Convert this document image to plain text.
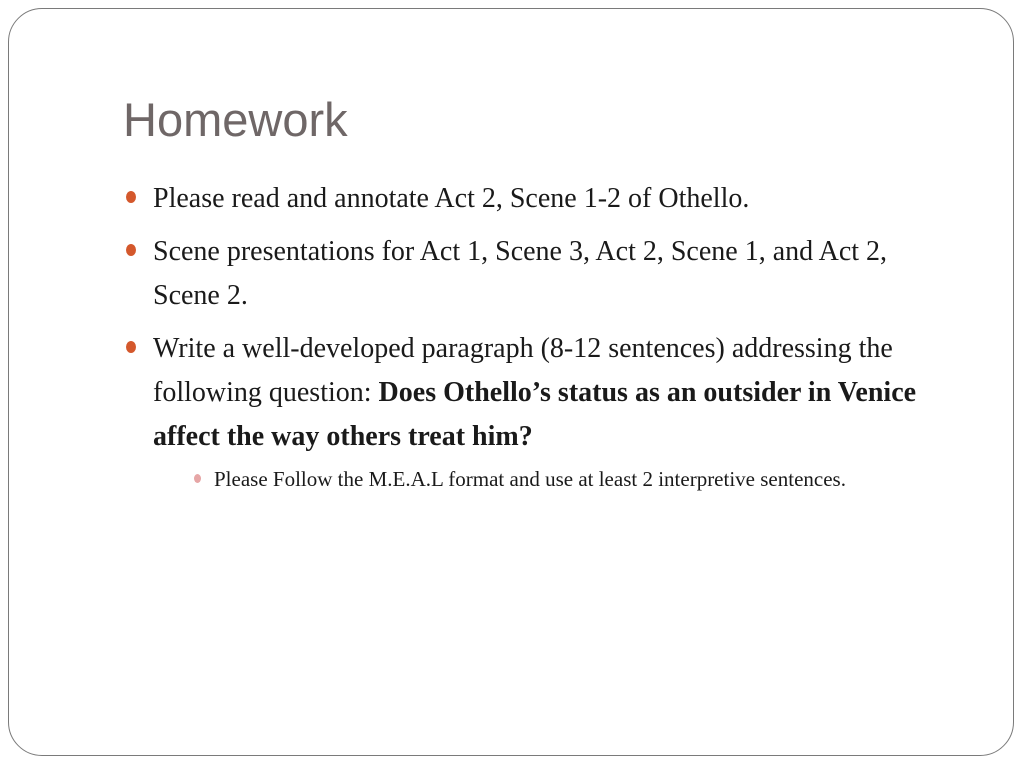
Homework
Please read and annotate Act 2, Scene 1-2 of Othello.
Scene presentations for Act 1, Scene 3, Act 2, Scene 1, and Act 2, Scene 2.
Write a well-developed paragraph (8-12 sentences) addressing the following question: Does Othello’s status as an outsider in Venice affect the way others treat him?
Please Follow the M.E.A.L format and use at least 2 interpretive sentences.
